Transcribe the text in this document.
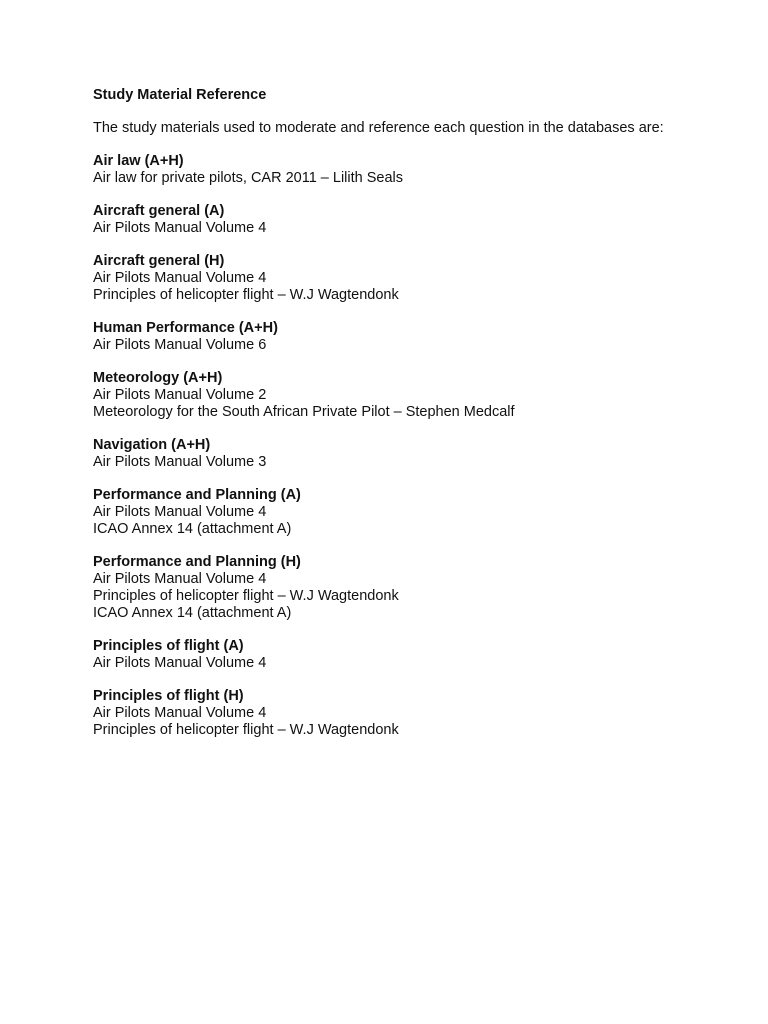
Study Material Reference

The study materials used to moderate and reference each question in the databases are:

Air law (A+H)

Air law for private pilots, CAR 2011 – Lilith Seals

Aircraft general (A)

Air Pilots Manual Volume 4

Aircraft general (H)

Air Pilots Manual Volume 4

Principles of helicopter flight – W.J Wagtendonk

Human Performance (A+H)

Air Pilots Manual Volume 6

Meteorology (A+H)

Air Pilots Manual Volume 2

Meteorology for the South African Private Pilot – Stephen Medcalf

Navigation (A+H)

Air Pilots Manual Volume 3

Performance and Planning (A)

Air Pilots Manual Volume 4

ICAO Annex 14 (attachment A)

Performance and Planning (H)

Air Pilots Manual Volume 4

Principles of helicopter flight – W.J Wagtendonk

ICAO Annex 14 (attachment A)

Principles of flight (A)

Air Pilots Manual Volume 4

Principles of flight (H)

Air Pilots Manual Volume 4

Principles of helicopter flight – W.J Wagtendonk
